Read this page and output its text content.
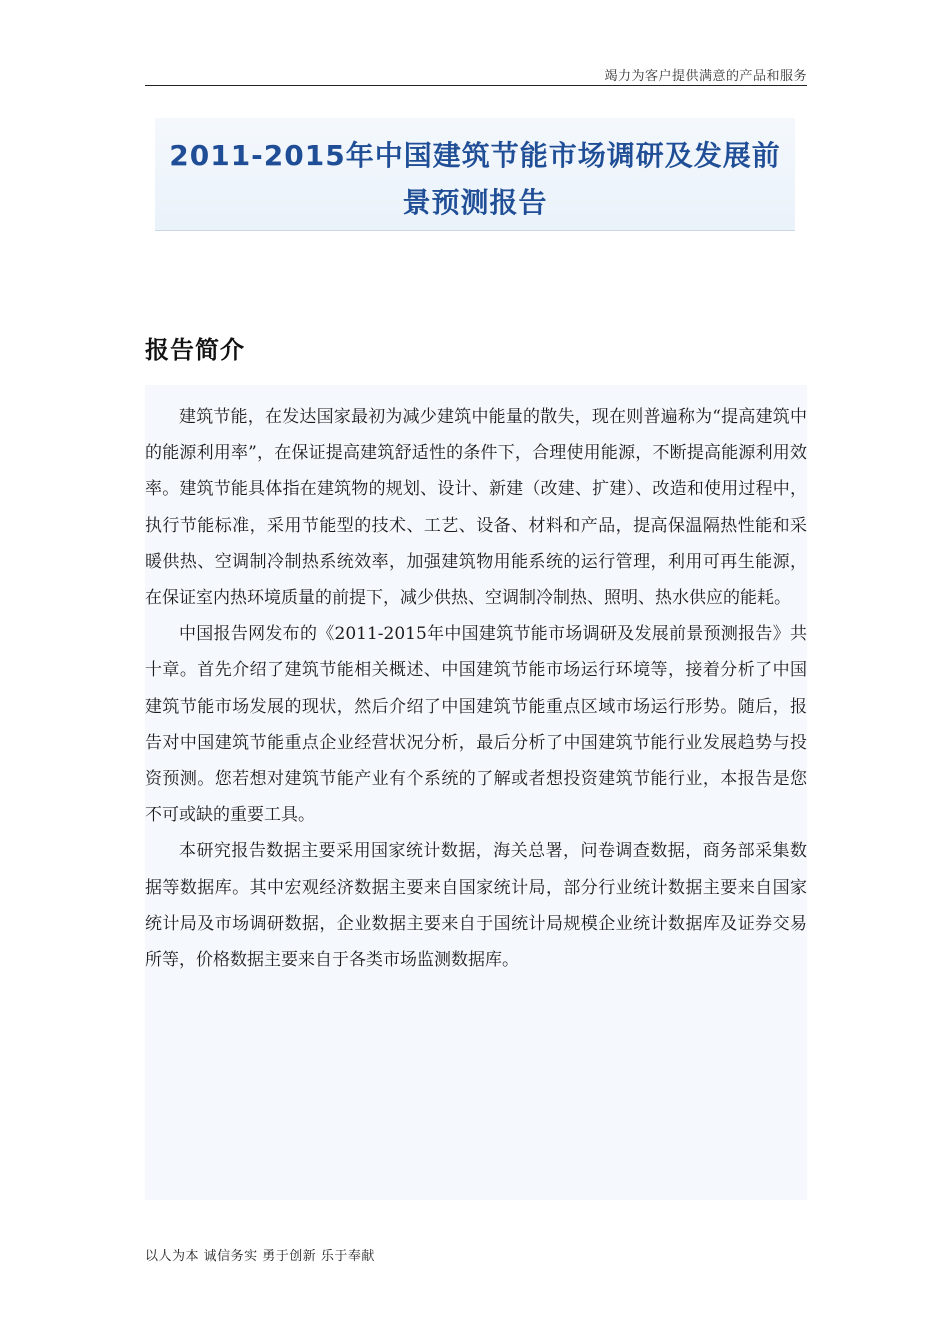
竭力为客户提供满意的产品和服务
2011-2015年中国建筑节能市场调研及发展前景预测报告
报告简介

建筑节能，在发达国家最初为减少建筑中能量的散失，现在则普遍称为“提高建筑中的能源利用率”，在保证提高建筑舒适性的条件下，合理使用能源，不断提高能源利用效率。建筑节能具体指在建筑物的规划、设计、新建（改建、扩建）、改造和使用过程中，执行节能标准，采用节能型的技术、工艺、设备、材料和产品，提高保温隔热性能和采暖供热、空调制冷制热系统效率，加强建筑物用能系统的运行管理，利用可再生能源，在保证室内热环境质量的前提下，减少供热、空调制冷制热、照明、热水供应的能耗。

中国报告网发布的《2011-2015年中国建筑节能市场调研及发展前景预测报告》共十章。首先介绍了建筑节能相关概述、中国建筑节能市场运行环境等，接着分析了中国建筑节能市场发展的现状，然后介绍了中国建筑节能重点区域市场运行形势。随后，报告对中国建筑节能重点企业经营状况分析，最后分析了中国建筑节能行业发展趋势与投资预测。您若想对建筑节能产业有个系统的了解或者想投资建筑节能行业，本报告是您不可或缺的重要工具。

本研究报告数据主要采用国家统计数据，海关总署，问卷调查数据，商务部采集数据等数据库。其中宏观经济数据主要来自国家统计局，部分行业统计数据主要来自国家统计局及市场调研数据，企业数据主要来自于国统计局规模企业统计数据库及证券交易所等，价格数据主要来自于各类市场监测数据库。

以人为本 诚信务实 勇于创新 乐于奉献
